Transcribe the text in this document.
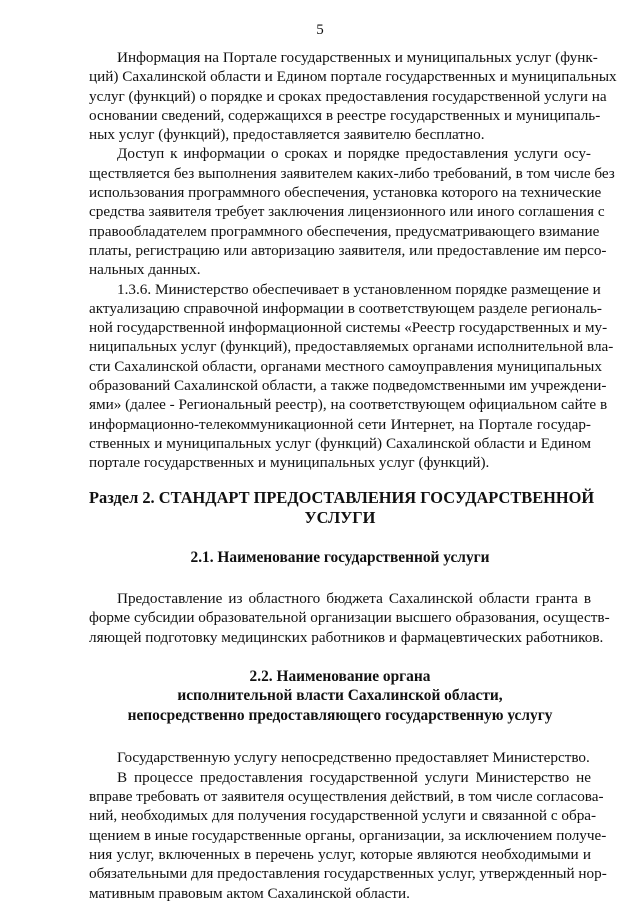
5
Информация на Портале государственных и муниципальных услуг (функ-
ций) Сахалинской области и Едином портале государственных и муниципальных
услуг (функций) о порядке и сроках предоставления государственной услуги на
основании сведений, содержащихся в реестре государственных и муниципаль-
ных услуг (функций), предоставляется заявителю бесплатно.
Доступ к информации о сроках и порядке предоставления услуги осу-
ществляется без выполнения заявителем каких-либо требований, в том числе без
использования программного обеспечения, установка которого на технические
средства заявителя требует заключения лицензионного или иного соглашения с
правообладателем программного обеспечения, предусматривающего взимание
платы, регистрацию или авторизацию заявителя, или предоставление им персо-
нальных данных.
1.3.6. Министерство обеспечивает в установленном порядке размещение и
актуализацию справочной информации в соответствующем разделе региональ-
ной государственной информационной системы «Реестр государственных и му-
ниципальных услуг (функций), предоставляемых органами исполнительной вла-
сти Сахалинской области, органами местного самоуправления муниципальных
образований Сахалинской области, а также подведомственными им учреждени-
ями» (далее - Региональный реестр), на соответствующем официальном сайте в
информационно-телекоммуникационной сети Интернет, на Портале государ-
ственных и муниципальных услуг (функций) Сахалинской области и Едином
портале государственных и муниципальных услуг (функций).
Раздел 2. СТАНДАРТ ПРЕДОСТАВЛЕНИЯ ГОСУДАРСТВЕННОЙ
УСЛУГИ
2.1. Наименование государственной услуги
Предоставление из областного бюджета Сахалинской области гранта в
форме субсидии образовательной организации высшего образования, осуществ-
ляющей подготовку медицинских работников и фармацевтических работников.
2.2. Наименование органа
исполнительной власти Сахалинской области,
непосредственно предоставляющего государственную услугу
Государственную услугу непосредственно предоставляет Министерство.
В процессе предоставления государственной услуги Министерство не
вправе требовать от заявителя осуществления действий, в том числе согласова-
ний, необходимых для получения государственной услуги и связанной с обра-
щением в иные государственные органы, организации, за исключением получе-
ния услуг, включенных в перечень услуг, которые являются необходимыми и
обязательными для предоставления государственных услуг, утвержденный нор-
мативным правовым актом Сахалинской области.
